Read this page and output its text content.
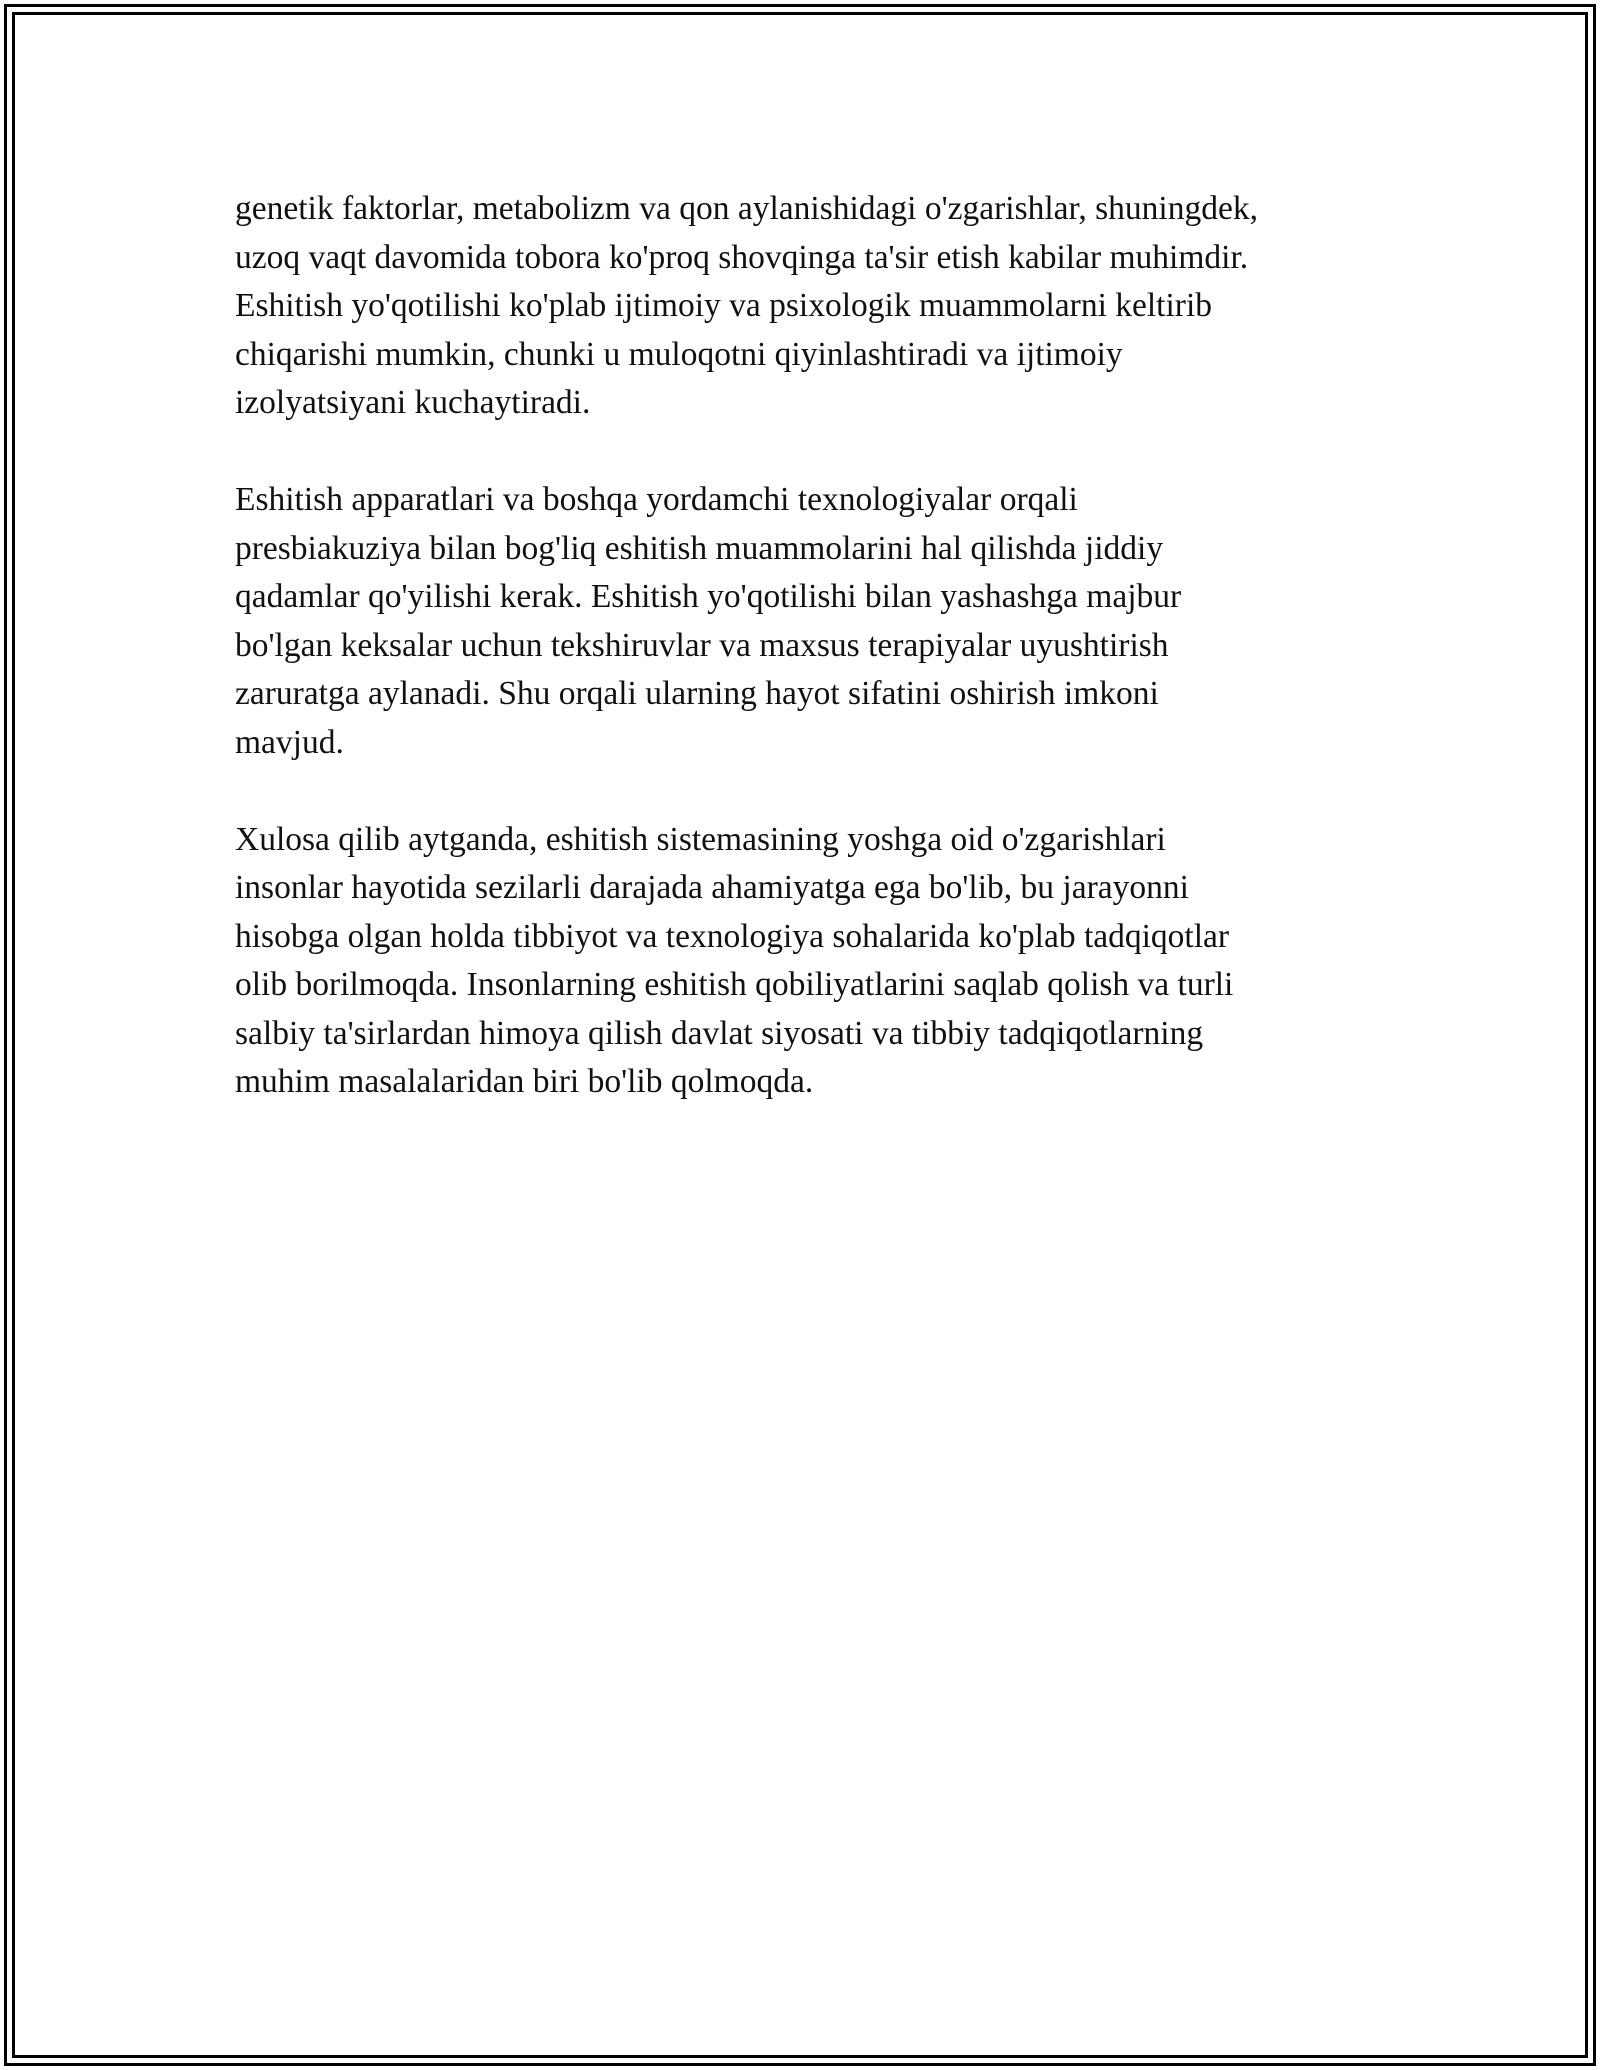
genetik faktorlar, metabolizm va qon aylanishidagi o'zgarishlar, shuningdek,
uzoq vaqt davomida tobora ko'proq shovqinga ta'sir etish kabilar muhimdir.
Eshitish yo'qotilishi ko'plab ijtimoiy va psixologik muammolarni keltirib
chiqarishi mumkin, chunki u muloqotni qiyinlashtiradi va ijtimoiy
izolyatsiyani kuchaytiradi.

Eshitish apparatlari va boshqa yordamchi texnologiyalar orqali
presbiakuziya bilan bog'liq eshitish muammolarini hal qilishda jiddiy
qadamlar qo'yilishi kerak. Eshitish yo'qotilishi bilan yashashga majbur
bo'lgan keksalar uchun tekshiruvlar va maxsus terapiyalar uyushtirish
zaruratga aylanadi. Shu orqali ularning hayot sifatini oshirish imkoni
mavjud.

Xulosa qilib aytganda, eshitish sistemasining yoshga oid o'zgarishlari
insonlar hayotida sezilarli darajada ahamiyatga ega bo'lib, bu jarayonni
hisobga olgan holda tibbiyot va texnologiya sohalarida ko'plab tadqiqotlar
olib borilmoqda. Insonlarning eshitish qobiliyatlarini saqlab qolish va turli
salbiy ta'sirlardan himoya qilish davlat siyosati va tibbiy tadqiqotlarning
muhim masalalaridan biri bo'lib qolmoqda.
